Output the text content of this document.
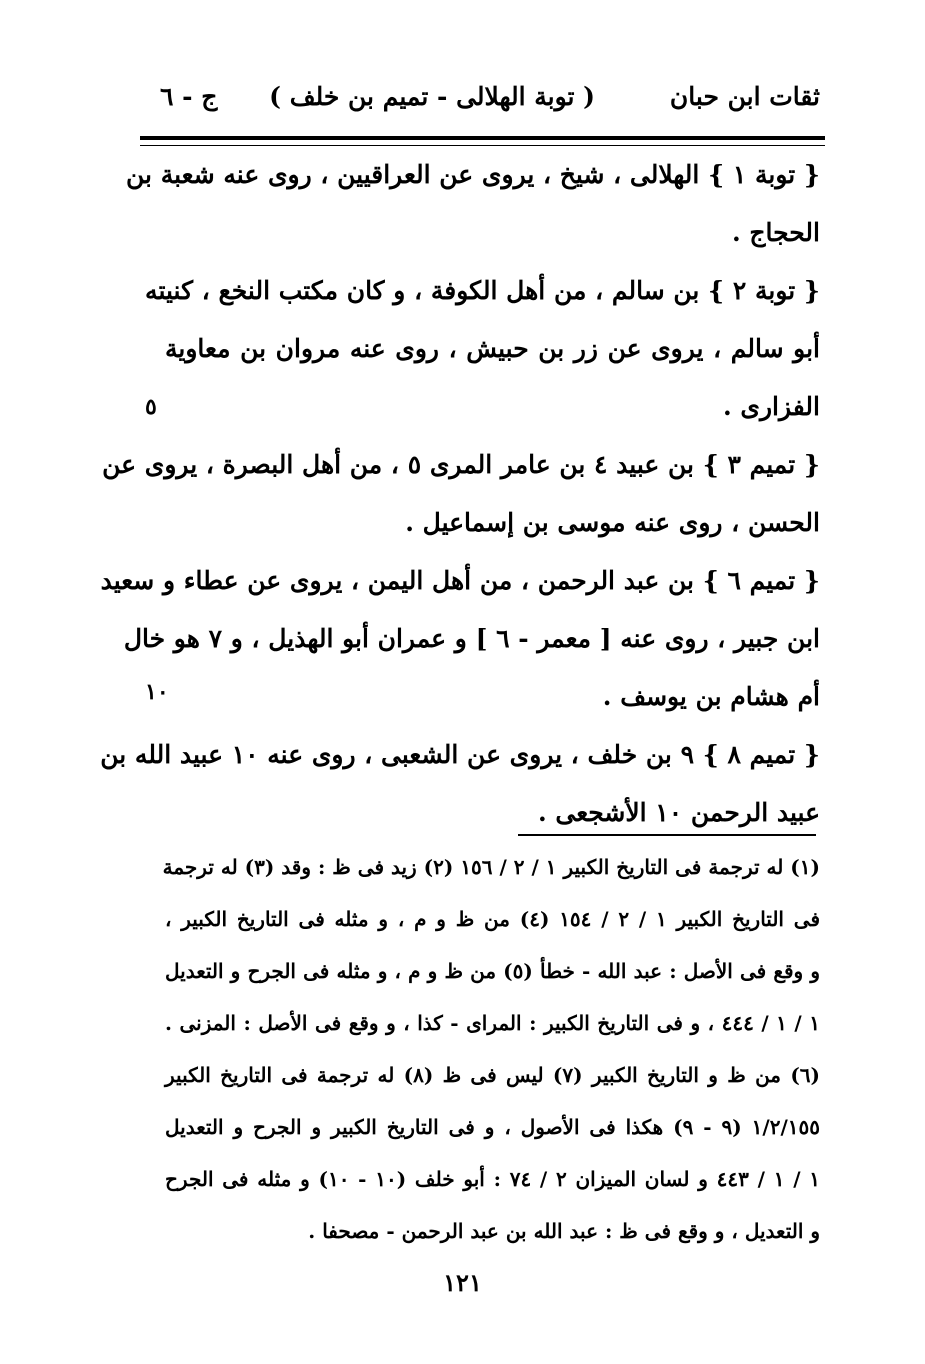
ثقات ابن حبان
( توبة الهلالى - تميم بن خلف )
ج - ٦
{ توبة ١ } الهلالى ، شيخ ، يروى عن العراقيين ، روى عنه شعبة بن
الحجاج .
{ توبة ٢ } بن سالم ، من أهل الكوفة ، و كان مكتب النخع ، كنيته
أبو سالم ، يروى عن زر بن حبيش ، روى عنه مروان بن معاوية
الفزارى .
{ تميم ٣ } بن عبيد ٤ بن عامر المرى ٥ ، من أهل البصرة ، يروى عن
الحسن ، روى عنه موسى بن إسماعيل .
{ تميم ٦ } بن عبد الرحمن ، من أهل اليمن ، يروى عن عطاء و سعيد
ابن جبير ، روى عنه [ معمر - ٦ ] و عمران أبو الهذيل ، و ٧ هو خال
أم هشام بن يوسف .
{ تميم ٨ } ٩ بن خلف ، يروى عن الشعبى ، روى عنه ١٠ عبيد الله بن
عبيد الرحمن ١٠ الأشجعى .
٥
١٠
(١) له ترجمة فى التاريخ الكبير ١ / ٢ / ١٥٦ (٢) زيد فى ظ : وقد (٣) له ترجمة
فى التاريخ الكبير ١ / ٢ / ١٥٤ (٤) من ظ و م ، و مثله فى التاريخ الكبير ،
و وقع فى الأصل : عبد الله - خطأ (٥) من ظ و م ، و مثله فى الجرح و التعديل
١ / ١ / ٤٤٤ ، و فى التاريخ الكبير : المراى - كذا ، و وقع فى الأصل : المزنى .
(٦) من ظ و التاريخ الكبير (٧) ليس فى ظ (٨) له ترجمة فى التاريخ الكبير
١/٢/١٥٥ (٩ - ٩) هكذا فى الأصول ، و فى التاريخ الكبير و الجرح و التعديل
١ / ١ / ٤٤٣ و لسان الميزان ٢ / ٧٤ : أبو خلف (١٠ - ١٠) و مثله فى الجرح
و التعديل ، و وقع فى ظ : عبد الله بن عبد الرحمن - مصحفا .
١٢١
